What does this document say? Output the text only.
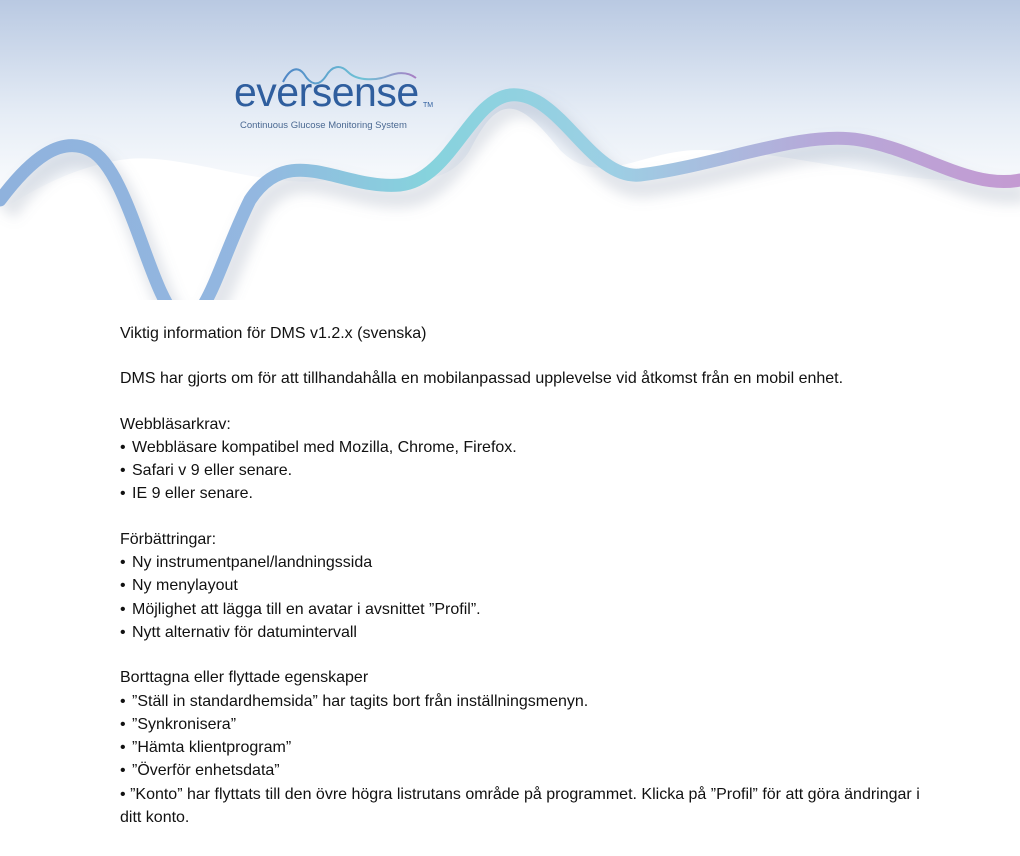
eversense TM
Continuous Glucose Monitoring System

Viktig information för DMS v1.2.x (svenska)

DMS har gjorts om för att tillhandahålla en mobilanpassad upplevelse vid åtkomst från en mobil enhet.

Webbläsarkrav:

• Webbläsare kompatibel med Mozilla, Chrome, Firefox.

• Safari v 9 eller senare.

• IE 9 eller senare.

Förbättringar:

• Ny instrumentpanel/landningssida

• Ny menylayout

• Möjlighet att lägga till en avatar i avsnittet ”Profil”.

• Nytt alternativ för datumintervall

Borttagna eller flyttade egenskaper

• ”Ställ in standardhemsida” har tagits bort från inställningsmenyn.

• ”Synkronisera”

• ”Hämta klientprogram”

• ”Överför enhetsdata”

• ”Konto” har flyttats till den övre högra listrutans område på programmet. Klicka på ”Profil” för att göra ändringar i ditt konto.
